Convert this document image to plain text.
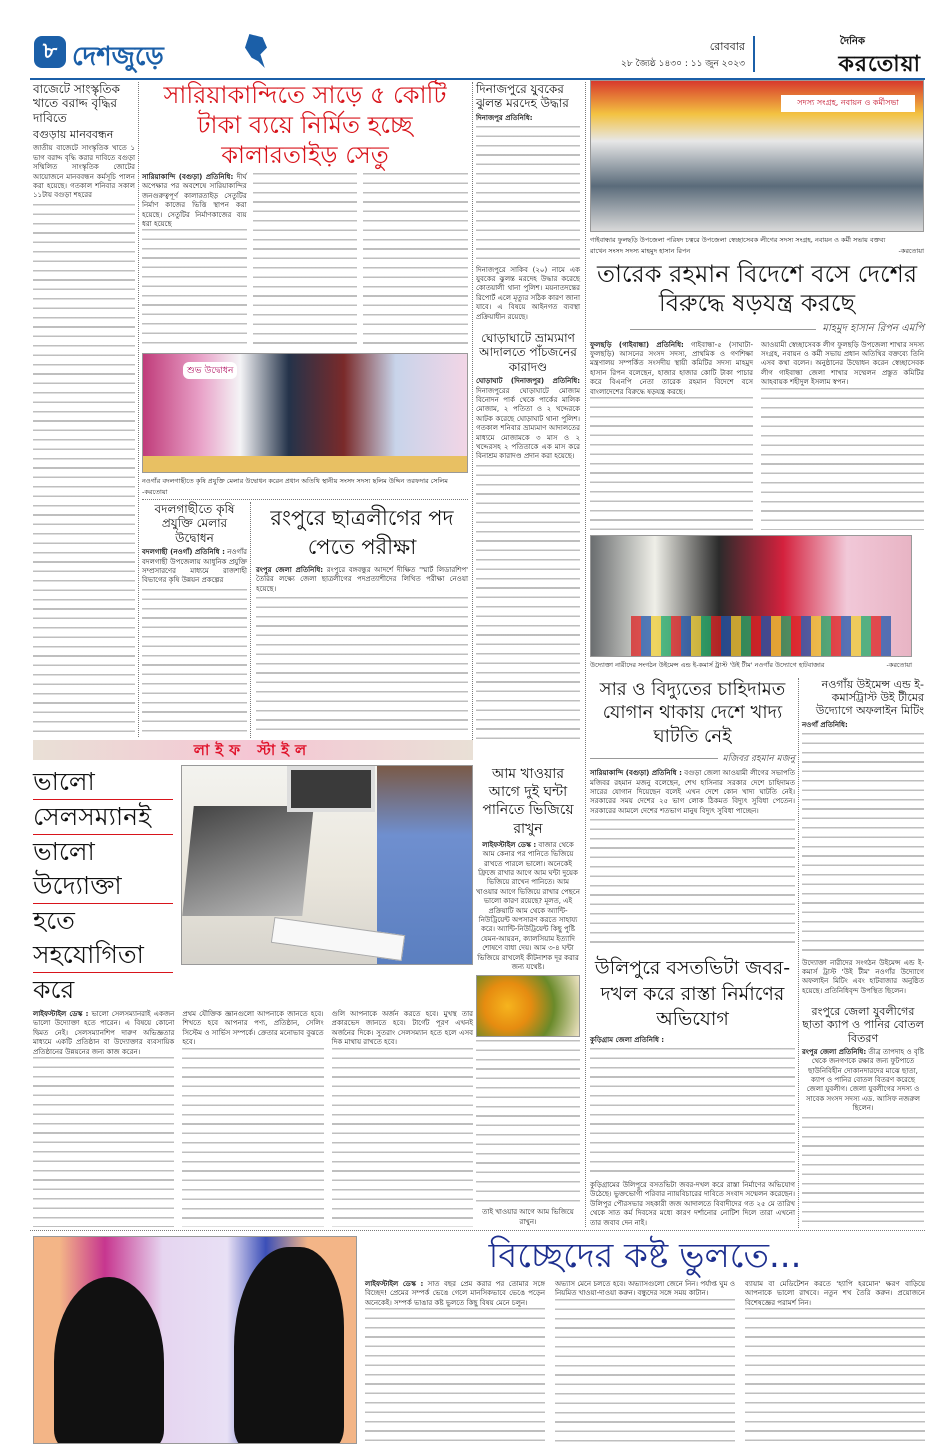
৮ দেশজুড়ে	রোববার
২৮ জ্যৈষ্ঠ ১৪৩০ : ১১ জুন ২০২৩
দৈনিক
করতোয়া
বাজেটে সাংস্কৃতিক খাতে বরাদ্দ বৃদ্ধির দাবিতে
বগুড়ায় মানববন্ধন
জাতীয় বাজেটে সাংস্কৃতিক খাতে ১ ভাগ বরাদ্দ বৃদ্ধি করার দাবিতে বগুড়া সম্মিলিত সাংস্কৃতিক জোটের আয়োজনে মানববন্ধন কর্মসূচি পালন করা হয়েছে। গতকাল শনিবার সকাল ১১টায় বগুড়া শহরের
সারিয়াকান্দিতে সাড়ে ৫ কোটি টাকা ব্যয়ে নির্মিত হচ্ছে কালারতাইড় সেতু
সারিয়াকান্দি (বগুড়া) প্রতিনিধি: দীর্ঘ অপেক্ষার পর অবশেষে সারিয়াকান্দির জনগুরুত্বপূর্ণ কালারতাইড় সেতুটির নির্মাণ কাজের ভিত্তি স্থাপন করা হয়েছে। সেতুটির নির্মাণকাজের ব্যয় ধরা হয়েছে
শুভ উদ্বোধন
নওগাঁর বদলগাছীতে কৃষি প্রযুক্তি মেলার উদ্বোধন করেন প্রধান অতিথি স্থানীয় সংসদ সদস্য ছলিম উদ্দিন তরফদার সেলিম -করতোয়া
বদলগাছীতে কৃষি প্রযুক্তি মেলার উদ্বোধন
বদলগাছী (নওগাঁ) প্রতিনিধি : নওগাঁর বদলগাছী উপজেলায় আধুনিক প্রযুক্তি সম্প্রসারণের মাধ্যমে রাজশাহী বিভাগের কৃষি উন্নয়ন প্রকল্পের
রংপুরে ছাত্রলীগের পদ পেতে পরীক্ষা
রংপুর জেলা প্রতিনিধি: রংপুরে বঙ্গবন্ধুর আদর্শে দীক্ষিত 'স্মার্ট লিডারশিপ' তৈরির লক্ষ্যে জেলা ছাত্রলীগের পদপ্রত্যাশীদের লিখিত পরীক্ষা নেওয়া হয়েছে।
দিনাজপুরে যুবকের ঝুলন্ত মরদেহ উদ্ধার
দিনাজপুর প্রতিনিধি:
দিনাজপুরে সাকিব (২০) নামে এক যুবকের ঝুলন্ত মরদেহ উদ্ধার করেছে কোতয়ালী থানা পুলিশ। ময়নাতদন্তের রিপোর্ট এলে মৃত্যুর সঠিক কারণ জানা যাবে। এ বিষয়ে আইনগত ব্যবস্থা প্রক্রিয়াধীন রয়েছে।
ঘোড়াঘাটে ভ্রাম্যমাণ আদালতে পাঁচজনের কারাদণ্ড
ঘোড়াঘাট (দিনাজপুর) প্রতিনিধি: দিনাজপুরের ঘোড়াঘাটে মোজাম বিনোদন পার্ক থেকে পার্কের মালিক মোজাম, ২ পতিতা ও ২ খদ্দেরকে আটক করেছে ঘোড়াঘাট থানা পুলিশ। গতকাল শনিবার ভ্রাম্যমাণ আদালতের মাধ্যমে মোজামকে ৩ মাস ও ২ খদ্দেরসহ ২ পতিতাকে এক মাস করে বিনাশ্রম কারাদণ্ড প্রদান করা হয়েছে।
সদস্য সংগ্রহ, নবায়ন ও কর্মীসভা
গাইবান্ধার ফুলছড়ি উপজেলা পরিষদ চত্বরে উপজেলা স্বেচ্ছাসেবক লীগের সদস্য সংগ্রহ, নবায়ন ও কর্মী সভায় বক্তব্য রাখেন সংসদ সদস্য মাহমুদ হাসান রিপন	-করতোয়া
তারেক রহমান বিদেশে বসে দেশের বিরুদ্ধে ষড়যন্ত্র করছে
মাহমুদ হাসান রিপন এমপি
ফুলছড়ি (গাইবান্ধা) প্রতিনিধি: গাইবান্ধা-৫ (সাঘাটা-ফুলছড়ি) আসনের সংসদ সদস্য, প্রাথমিক ও গণশিক্ষা মন্ত্রণালয় সম্পর্কিত সংসদীয় স্থায়ী কমিটির সদস্য মাহমুদ হাসান রিপন বলেছেন, হাজার হাজার কোটি টাকা পাচার করে বিএনপি নেতা তারেক রহমান বিদেশে বসে বাংলাদেশের বিরুদ্ধে ষড়যন্ত্র করছে।
আওয়ামী স্বেচ্ছাসেবক লীগ ফুলছড়ি উপজেলা শাখার সদস্য সংগ্রহ, নবায়ন ও কর্মী সভায় প্রধান অতিথির বক্তব্যে তিনি এসব কথা বলেন। অনুষ্ঠানের উদ্বোধন করেন স্বেচ্ছাসেবক লীগ গাইবান্ধা জেলা শাখার সম্মেলন প্রস্তুত কমিটির আহবায়ক শহীদুল ইসলাম স্বপন।
উদ্যোক্তা নারীদের সংগঠন উইমেন্স এন্ড ই-কমার্স ট্রাস্ট 'উই টীম' নওগাঁর উদ্যোগে হাটবাজার	-করতোয়া
সার ও বিদ্যুতের চাহিদামত যোগান থাকায় দেশে খাদ্য ঘাটতি নেই
মজিবর রহমান মজনু
সারিয়াকান্দি (বগুড়া) প্রতিনিধি : বগুড়া জেলা আওয়ামী লীগের সভাপতি মজিবর রহমান মজনু বলেছেন, শেখ হাসিনার সরকার দেশে চাহিদামত সারের যোগান দিয়েছেন বলেই এখন দেশে কোন খাদ্য ঘাটতি নেই। সরকারের সময় দেশের ২৫ ভাগ লোক ঠিকমত বিদ্যুৎ সুবিধা পেতেন। সরকারের আমলে দেশের শতভাগ মানুষ বিদ্যুৎ সুবিধা পাচ্ছেন।
উলিপুরে বসতভিটা জবর-দখল করে রাস্তা নির্মাণের অভিযোগ
কুড়িগ্রাম জেলা প্রতিনিধি :
কুড়িগ্রামের উলিপুরে বসতভিটা জবর-দখল করে রাস্তা নির্মাণের অভিযোগ উঠেছে। ভুক্তভোগী পরিবার ন্যায়বিচারের দাবিতে সংবাদ সম্মেলন করেছেন। উলিপুর পৌরসভার সহকারী জজ আদালতে বিবাদীদের গত ২৫ মে তারিখ থেকে সাত কর্ম দিবসের মধ্যে কারণ দর্শানোর নোটিশ দিলে তারা এখনো তার জবাব দেন নাই।
নওগাঁয় উইমেন্স এন্ড ই-কমার্সট্রাস্ট উই টীমের উদ্যোগে অফলাইন মিটিং
নওগাঁ প্রতিনিধি:
উদ্যোক্তা নারীদের সংগঠন উইমেন্স এন্ড ই-কমার্স ট্রাস্ট 'উই টীম' নওগাঁর উদ্যোগে অফলাইন মিটিং এবং হাটবাজার অনুষ্ঠিত হয়েছে। প্রতিনিধিবৃন্দ উপস্থিত ছিলেন।
রংপুরে জেলা যুবলীগের ছাতা ক্যাপ ও পানির বোতল বিতরণ
রংপুর জেলা প্রতিনিধি: তীব্র তাপদাহ ও বৃষ্টি থেকে জনগণকে রক্ষার জন্য ফুটপাতে ছাউনিবিহীন দোকানদারদের মাঝে ছাতা, ক্যাপ ও পানির বোতল বিতরণ করেছে জেলা যুবলীগ। জেলা যুবলীগের সদস্য ও সাবেক সংসদ সদস্য এড. আসিফ নজরুল ছিলেন।
লাইফ স্টাইল
ভালো
সেলসম্যানই
ভালো উদ্যোক্তা
হতে সহযোগিতা
করে
লাইফস্টাইল ডেস্ক : ভালো সেলসম্যানরাই একজন ভালো উদ্যোক্তা হতে পারেন। এ বিষয়ে কোনো দ্বিমত নেই। সেলসম্যানশিপ দারুণ অভিজ্ঞতার মাধ্যমে একটি প্রতিষ্ঠান বা উদ্যোক্তার ব্যবসায়িক প্রতিষ্ঠানের উন্নয়নের জন্য কাজ করেন।
প্রথম যৌক্তিক জ্ঞানগুলো আপনাকে জানতে হবে। শিখতে হবে আপনার পণ্য, প্রতিষ্ঠান, সেলিং সিস্টেম ও সার্ভিস সম্পর্কে। ক্রেতার মনোভাব বুঝতে হবে।
গুলি আপনাকে অর্জন করতে হবে। মুখস্থ তার প্রকারভেদ জানতে হবে। টার্গেট পূরণ এখনই অর্জনের দিকে। সুতরাং সেলসম্যান হতে হলে এসব দিক মাথায় রাখতে হবে।
আম খাওয়ার আগে দুই ঘন্টা পানিতে ভিজিয়ে রাখুন
লাইফস্টাইল ডেস্ক : বাজার থেকে আম কেনার পর পানিতে ভিজিয়ে রাখতে পারলে ভালো। অনেকেই ফ্রিজে রাখার আগে আম ঘন্টা দুয়েক ভিজিয়ে রাখেন পানিতে। আম খাওয়ার আগে ভিজিয়ে রাখার পেছনে ভালো কারণ রয়েছে? মূলত, এই প্রক্রিয়াটি আম থেকে অ্যান্টি-নিউট্রিয়েন্ট অপসারণ করতে সাহায্য করে। অ্যান্টি-নিউট্রিয়েন্ট কিছু পুষ্টি যেমন-আয়রন, ক্যালসিয়াম ইত্যাদি শোষণে বাধা দেয়। আম ৩-৪ ঘন্টা ভিজিয়ে রাখলেই কীটনাশক দূর করার জন্য যথেষ্ট।
তাই খাওয়ার আগে আম ভিজিয়ে রাখুন।
বিচ্ছেদের কষ্ট ভুলতে...
লাইফস্টাইল ডেস্ক : সাত বছর প্রেম করার পর তোমার সঙ্গে বিচ্ছেদ! প্রেমের সম্পর্ক ভেঙে গেলে মানসিকভাবে ভেঙে পড়েন অনেকেই। সম্পর্ক ভাঙার কষ্ট ভুলতে কিছু বিষয় মেনে চলুন।
অভ্যাস মেনে চলতে হবে। অভ্যাসগুলো জেনে নিন। পর্যাপ্ত ঘুম ও নিয়মিত খাওয়া-দাওয়া করুন। বন্ধুদের সঙ্গে সময় কাটান।
ব্যায়াম বা মেডিটেশন করতে 'হ্যাপি হরমোন' ক্ষরণ বাড়িয়ে আপনাকে ভালো রাখবে। নতুন শখ তৈরি করুন। প্রয়োজনে বিশেষজ্ঞের পরামর্শ নিন।
